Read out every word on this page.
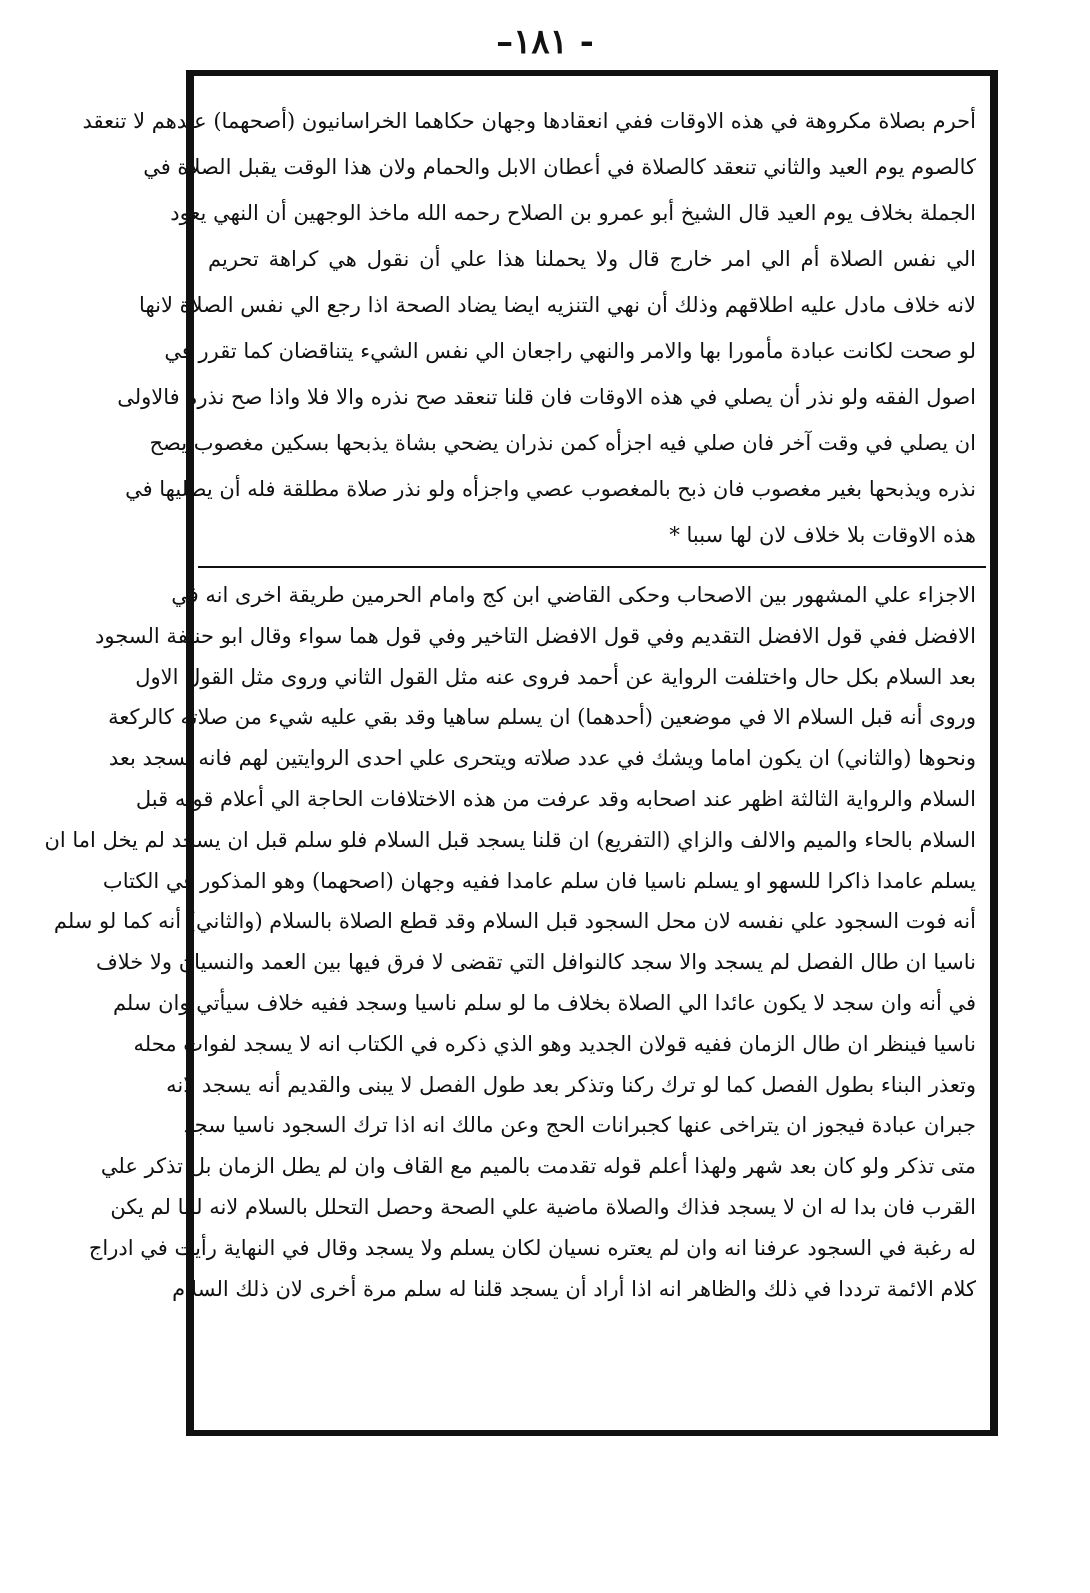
–١٨١ -
أحرم بصلاة مكروهة في هذه الاوقات ففي انعقادها وجهان حكاهما الخراسانيون (أصحهما) عندهم لا تنعقد
كالصوم يوم العيد والثاني تنعقد كالصلاة في أعطان الابل والحمام ولان هذا الوقت يقبل الصلاة في
الجملة بخلاف يوم العيد قال الشيخ أبو عمرو بن الصلاح رحمه الله ماخذ الوجهين أن النهي يعود
الي نفس الصلاة أم الي امر خارج قال ولا يحملنا هذا علي أن نقول هي كراهة تحريم
لانه خلاف مادل عليه اطلاقهم وذلك أن نهي التنزيه ايضا يضاد الصحة اذا رجع الي نفس الصلاة لانها
لو صحت لكانت عبادة مأمورا بها والامر والنهي راجعان الي نفس الشيء يتناقضان كما تقرر في
اصول الفقه ولو نذر أن يصلي في هذه الاوقات فان قلنا تنعقد صح نذره والا فلا واذا صح نذره فالاولى
ان يصلي في وقت آخر فان صلي فيه اجزأه كمن نذران يضحي بشاة يذبحها بسكين مغصوب يصح
نذره ويذبحها بغير مغصوب فان ذبح بالمغصوب عصي واجزأه ولو نذر صلاة مطلقة فله أن يصليها في
هذه الاوقات بلا خلاف لان لها سببا *
الاجزاء علي المشهور بين الاصحاب وحكى القاضي ابن كج وامام الحرمين طريقة اخرى انه في
الافضل ففي قول الافضل التقديم وفي قول الافضل التاخير وفي قول هما سواء وقال ابو حنيفة السجود
بعد السلام بكل حال واختلفت الرواية عن أحمد فروى عنه مثل القول الثاني وروى مثل القول الاول
وروى أنه قبل السلام الا في موضعين (أحدهما) ان يسلم ساهيا وقد بقي عليه شيء من صلاته كالركعة
ونحوها (والثاني) ان يكون اماما ويشك في عدد صلاته ويتحرى علي احدى الروايتين لهم فانه يسجد بعد
السلام والرواية الثالثة اظهر عند اصحابه وقد عرفت من هذه الاختلافات الحاجة الي أعلام قوله قبل
السلام بالحاء والميم والالف والزاي (التفريع) ان قلنا يسجد قبل السلام فلو سلم قبل ان يسجد لم يخل اما ان
يسلم عامدا ذاكرا للسهو او يسلم ناسيا فان سلم عامدا ففيه وجهان (اصحهما) وهو المذكور في الكتاب
أنه فوت السجود علي نفسه لان محل السجود قبل السلام وقد قطع الصلاة بالسلام (والثاني) أنه كما لو سلم
ناسيا ان طال الفصل لم يسجد والا سجد كالنوافل التي تقضى لا فرق فيها بين العمد والنسيان ولا خلاف
في أنه وان سجد لا يكون عائدا الي الصلاة بخلاف ما لو سلم ناسيا وسجد ففيه خلاف سيأتي وان سلم
ناسيا فينظر ان طال الزمان ففيه قولان الجديد وهو الذي ذكره في الكتاب انه لا يسجد لفوات محله
وتعذر البناء بطول الفصل كما لو ترك ركنا وتذكر بعد طول الفصل لا يبنى والقديم أنه يسجد لانه
جبران عبادة فيجوز ان يتراخى عنها كجبرانات الحج وعن مالك انه اذا ترك السجود ناسيا سجد
متى تذكر ولو كان بعد شهر ولهذا أعلم قوله تقدمت بالميم مع القاف وان لم يطل الزمان بل تذكر علي
القرب فان بدا له ان لا يسجد فذاك والصلاة ماضية علي الصحة وحصل التحلل بالسلام لانه لما لم يكن
له رغبة في السجود عرفنا انه وان لم يعتره نسيان لكان يسلم ولا يسجد وقال في النهاية رأيت في ادراج
كلام الائمة ترددا في ذلك والظاهر انه اذا أراد أن يسجد قلنا له سلم مرة أخرى لان ذلك السلام
